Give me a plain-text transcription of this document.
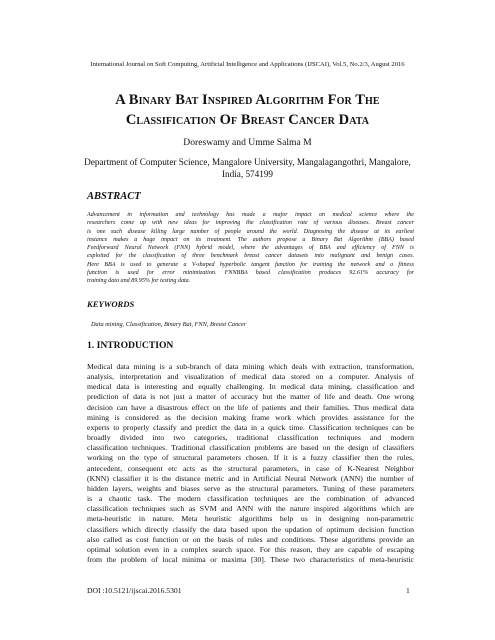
International Journal on Soft Computing, Artificial Intelligence and Applications (IJSCAI), Vol.5, No.2/3, August 2016
A Binary Bat Inspired Algorithm For The
Classification Of Breast Cancer Data
Doreswamy and Umme Salma M
Department of Computer Science, Mangalore University, Mangalagangothri, Mangalore,
India, 574199
ABSTRACT
Advancement in information and technology has made a major impact on medical science where the
researchers come up with new ideas for improving the classification rate of various diseases. Breast cancer
is one such disease killing large number of people around the world. Diagnosing the disease at its earliest
instance makes a huge impact on its treatment. The authors propose a Binary Bat Algorithm (BBA) based
Feedforward Neural Network (FNN) hybrid model, where the advantages of BBA and efficiency of FNN is
exploited for the classification of three benchmark breast cancer datasets into malignant and benign cases.
Here BBA is used to generate a V-shaped hyperbolic tangent function for training the network and a fitness
function is used for error minimization. FNNBBA based classification produces 92.61% accuracy for
training data and 89.95% for testing data.
KEYWORDS
Data mining, Classification, Binary Bat, FNN, Breast Cancer
1. INTRODUCTION
Medical data mining is a sub-branch of data mining which deals with extraction, transformation,
analysis, interpretation and visualization of medical data stored on a computer. Analysis of
medical data is interesting and equally challenging. In medical data mining, classification and
prediction of data is not just a matter of accuracy but the matter of life and death. One wrong
decision can have a disastrous effect on the life of patients and their families. Thus medical data
mining is considered as the decision making frame work which provides assistance for the
experts to properly classify and predict the data in a quick time. Classification techniques can be
broadly divided into two categories, traditional classification techniques and modern
classification techniques. Traditional classification problems are based on the design of classifiers
working on the type of structural parameters chosen. If it is a fuzzy classifier then the rules,
antecedent, consequent etc acts as the structural parameters, in case of K-Nearest Neighbor
(KNN) classifier it is the distance metric and in Artificial Neural Network (ANN) the number of
hidden layers, weights and biases serve as the structural parameters. Tuning of these parameters
is a chaotic task. The modern classification techniques are the combination of advanced
classification techniques such as SVM and ANN with the nature inspired algorithms which are
meta-heuristic in nature. Meta heuristic algorithms help us in designing non-parametric
classifiers which directly classify the data based upon the updation of optimum decision function
also called as cost function or on the basis of rules and conditions. These algorithms provide an
optimal solution even in a complex search space. For this reason, they are capable of escaping
from the problem of local minima or maxima [30]. These two characteristics of meta-heuristic
DOI :10.5121/ijscai.2016.5301	1
